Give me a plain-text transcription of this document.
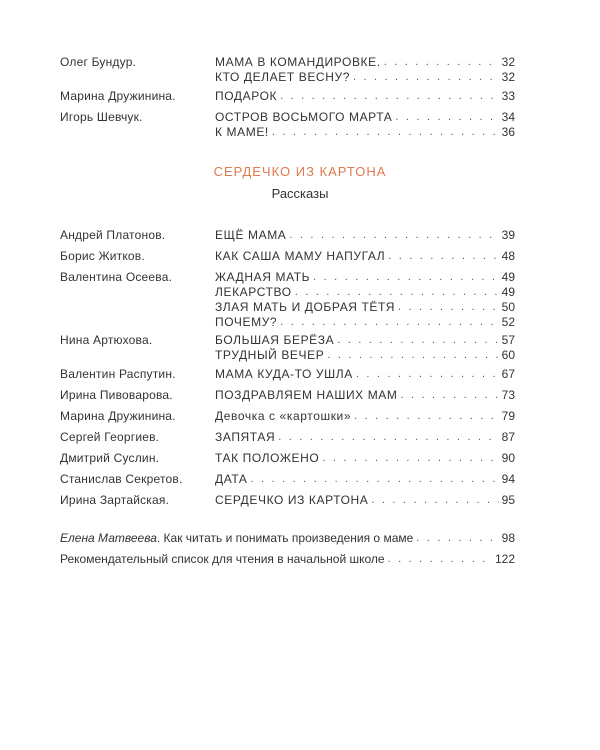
Олег Бундур.	МАМА В КОМАНДИРОВКЕ. . . .	32
КТО ДЕЛАЕТ ВЕСНУ? . . .	32
Марина Дружинина.	ПОДАРОК . . .	33
Игорь Шевчук.	ОСТРОВ ВОСЬМОГО МАРТА . . .	34
К МАМЕ! . . .	36
СЕРДЕЧКО ИЗ КАРТОНА
Рассказы
Андрей Платонов.	ЕЩЁ МАМА . . .	39
Борис Житков.	КАК САША МАМУ НАПУГАЛ . . .	48
Валентина Осеева.	ЖАДНАЯ МАТЬ . . .	49
ЛЕКАРСТВО . . .	49
ЗЛАЯ МАТЬ И ДОБРАЯ ТЁТЯ . . .	50
ПОЧЕМУ? . . .	52
Нина Артюхова.	БОЛЬШАЯ БЕРЁЗА . . .	57
ТРУДНЫЙ ВЕЧЕР . . .	60
Валентин Распутин.	МАМА КУДА-ТО УШЛА . . .	67
Ирина Пивоварова.	ПОЗДРАВЛЯЕМ НАШИХ МАМ . . .	73
Марина Дружинина.	Девочка с «картошки» . . .	79
Сергей Георгиев.	ЗАПЯТАЯ . . .	87
Дмитрий Суслин.	ТАК ПОЛОЖЕНО . . .	90
Станислав Секретов.	ДАТА . . .	94
Ирина Зартайская.	СЕРДЕЧКО ИЗ КАРТОНА . . .	95
Елена Матвеева. Как читать и понимать произведения о маме . . .	98
Рекомендательный список для чтения в начальной школе . . .	122
